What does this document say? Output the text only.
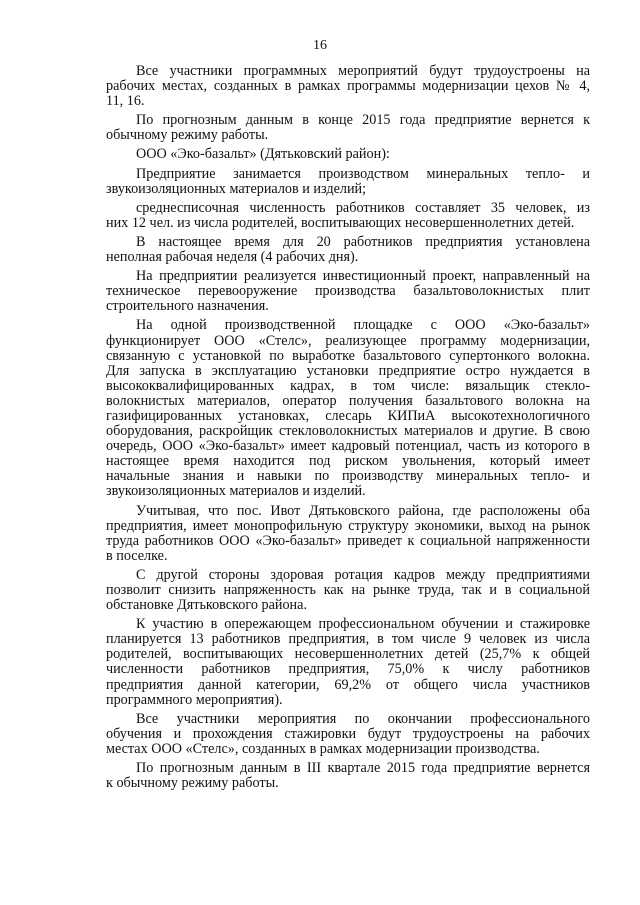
16
Все участники программных мероприятий будут трудоустроены на
рабочих местах, созданных в рамках программы модернизации цехов № 4,
11, 16.
По прогнозным данным в конце 2015 года предприятие вернется к
обычному режиму работы.
ООО «Эко-базальт» (Дятьковский район):
Предприятие занимается производством минеральных тепло- и
звукоизоляционных материалов и изделий;
среднесписочная численность работников составляет 35 человек, из
них 12 чел. из числа родителей, воспитывающих несовершеннолетних детей.
В настоящее время для 20 работников предприятия установлена
неполная рабочая неделя (4 рабочих дня).
На предприятии реализуется инвестиционный проект, направленный на
техническое перевооружение производства базальтоволокнистых плит
строительного назначения.
На одной производственной площадке с ООО «Эко-базальт»
функционирует ООО «Стелс», реализующее программу модернизации,
связанную с установкой по выработке базальтового супертонкого волокна.
Для запуска в эксплуатацию установки предприятие остро нуждается в
высококвалифицированных кадрах, в том числе: вязальщик стекло-
волокнистых материалов, оператор получения базальтового волокна на
газифицированных установках, слесарь КИПиА высокотехнологичного
оборудования, раскройщик стекловолокнистых материалов и другие. В свою
очередь, ООО «Эко-базальт» имеет кадровый потенциал, часть из которого в
настоящее время находится под риском увольнения, который имеет
начальные знания и навыки по производству минеральных тепло- и
звукоизоляционных материалов и изделий.
Учитывая, что пос. Ивот Дятьковского района, где расположены оба
предприятия, имеет монопрофильную структуру экономики, выход на рынок
труда работников ООО «Эко-базальт» приведет к социальной напряженности
в поселке.
С другой стороны здоровая ротация кадров между предприятиями
позволит снизить напряженность как на рынке труда, так и в социальной
обстановке Дятьковского района.
К участию в опережающем профессиональном обучении и стажировке
планируется 13 работников предприятия, в том числе 9 человек из числа
родителей, воспитывающих несовершеннолетних детей (25,7% к общей
численности работников предприятия, 75,0% к числу работников
предприятия данной категории, 69,2% от общего числа участников
программного мероприятия).
Все участники мероприятия по окончании профессионального
обучения и прохождения стажировки будут трудоустроены на рабочих
местах ООО «Стелс», созданных в рамках модернизации производства.
По прогнозным данным в III квартале 2015 года предприятие вернется
к обычному режиму работы.
